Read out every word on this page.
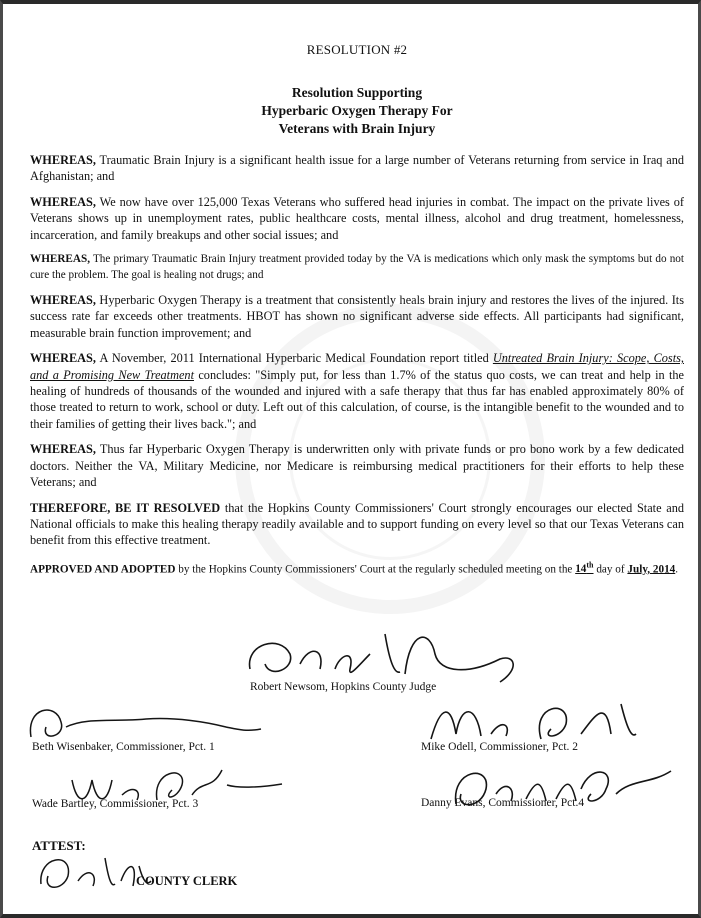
RESOLUTION #2
Resolution Supporting
Hyperbaric Oxygen Therapy For
Veterans with Brain Injury

WHEREAS, Traumatic Brain Injury is a significant health issue for a large number of Veterans returning from service in Iraq and Afghanistan; and

WHEREAS, We now have over 125,000 Texas Veterans who suffered head injuries in combat. The impact on the private lives of Veterans shows up in unemployment rates, public healthcare costs, mental illness, alcohol and drug treatment, homelessness, incarceration, and family breakups and other social issues; and

WHEREAS, The primary Traumatic Brain Injury treatment provided today by the VA is medications which only mask the symptoms but do not cure the problem. The goal is healing not drugs; and

WHEREAS, Hyperbaric Oxygen Therapy is a treatment that consistently heals brain injury and restores the lives of the injured. Its success rate far exceeds other treatments. HBOT has shown no significant adverse side effects. All participants had significant, measurable brain function improvement; and

WHEREAS, A November, 2011 International Hyperbaric Medical Foundation report titled Untreated Brain Injury: Scope, Costs, and a Promising New Treatment concludes: "Simply put, for less than 1.7% of the status quo costs, we can treat and help in the healing of hundreds of thousands of the wounded and injured with a safe therapy that thus far has enabled approximately 80% of those treated to return to work, school or duty. Left out of this calculation, of course, is the intangible benefit to the wounded and to their families of getting their lives back."; and

WHEREAS, Thus far Hyperbaric Oxygen Therapy is underwritten only with private funds or pro bono work by a few dedicated doctors. Neither the VA, Military Medicine, nor Medicare is reimbursing medical practitioners for their efforts to help these Veterans; and

THEREFORE, BE IT RESOLVED that the Hopkins County Commissioners' Court strongly encourages our elected State and National officials to make this healing therapy readily available and to support funding on every level so that our Texas Veterans can benefit from this effective treatment.

APPROVED AND ADOPTED by the Hopkins County Commissioners' Court at the regularly scheduled meeting on the 14th day of July, 2014.

Robert Newsom, Hopkins County Judge
Beth Wisenbaker, Commissioner, Pct. 1	Mike Odell, Commissioner, Pct. 2
Wade Bartley, Commissioner, Pct. 3	Danny Evans, Commissioner, Pct.4
ATTEST:
COUNTY CLERK
